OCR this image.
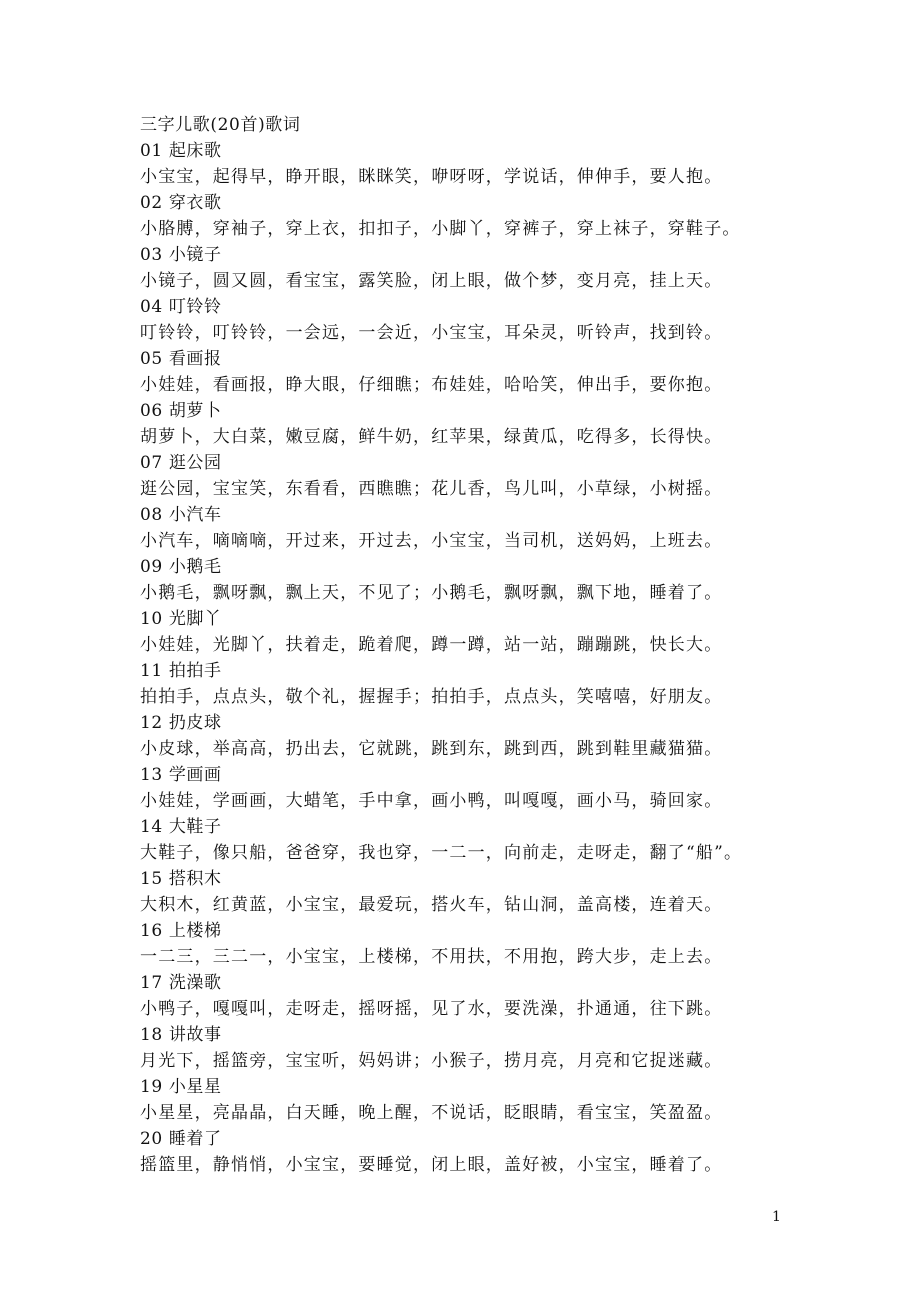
三字儿歌(20首)歌词
01 起床歌
小宝宝，起得早，睁开眼，眯眯笑，咿呀呀，学说话，伸伸手，要人抱。
02 穿衣歌
小胳膊，穿袖子，穿上衣，扣扣子，小脚丫，穿裤子，穿上袜子，穿鞋子。
03 小镜子
小镜子，圆又圆，看宝宝，露笑脸，闭上眼，做个梦，变月亮，挂上天。
04 叮铃铃
叮铃铃，叮铃铃，一会远，一会近，小宝宝，耳朵灵，听铃声，找到铃。
05 看画报
小娃娃，看画报，睁大眼，仔细瞧；布娃娃，哈哈笑，伸出手，要你抱。
06 胡萝卜
胡萝卜，大白菜，嫩豆腐，鲜牛奶，红苹果，绿黄瓜，吃得多，长得快。
07 逛公园
逛公园，宝宝笑，东看看，西瞧瞧；花儿香，鸟儿叫，小草绿，小树摇。
08 小汽车
小汽车，嘀嘀嘀，开过来，开过去，小宝宝，当司机，送妈妈，上班去。
09 小鹅毛
小鹅毛，飘呀飘，飘上天，不见了；小鹅毛，飘呀飘，飘下地，睡着了。
10 光脚丫
小娃娃，光脚丫，扶着走，跪着爬，蹲一蹲，站一站，蹦蹦跳，快长大。
11 拍拍手
拍拍手，点点头，敬个礼，握握手；拍拍手，点点头，笑嘻嘻，好朋友。
12 扔皮球
小皮球，举高高，扔出去，它就跳，跳到东，跳到西，跳到鞋里藏猫猫。
13 学画画
小娃娃，学画画，大蜡笔，手中拿，画小鸭，叫嘎嘎，画小马，骑回家。
14 大鞋子
大鞋子，像只船，爸爸穿，我也穿，一二一，向前走，走呀走，翻了“船”。
15 搭积木
大积木，红黄蓝，小宝宝，最爱玩，搭火车，钻山洞，盖高楼，连着天。
16 上楼梯
一二三，三二一，小宝宝，上楼梯，不用扶，不用抱，跨大步，走上去。
17 洗澡歌
小鸭子，嘎嘎叫，走呀走，摇呀摇，见了水，要洗澡，扑通通，往下跳。
18 讲故事
月光下，摇篮旁，宝宝听，妈妈讲；小猴子，捞月亮，月亮和它捉迷藏。
19 小星星
小星星，亮晶晶，白天睡，晚上醒，不说话，眨眼睛，看宝宝，笑盈盈。
20 睡着了
摇篮里，静悄悄，小宝宝，要睡觉，闭上眼，盖好被，小宝宝，睡着了。
1
